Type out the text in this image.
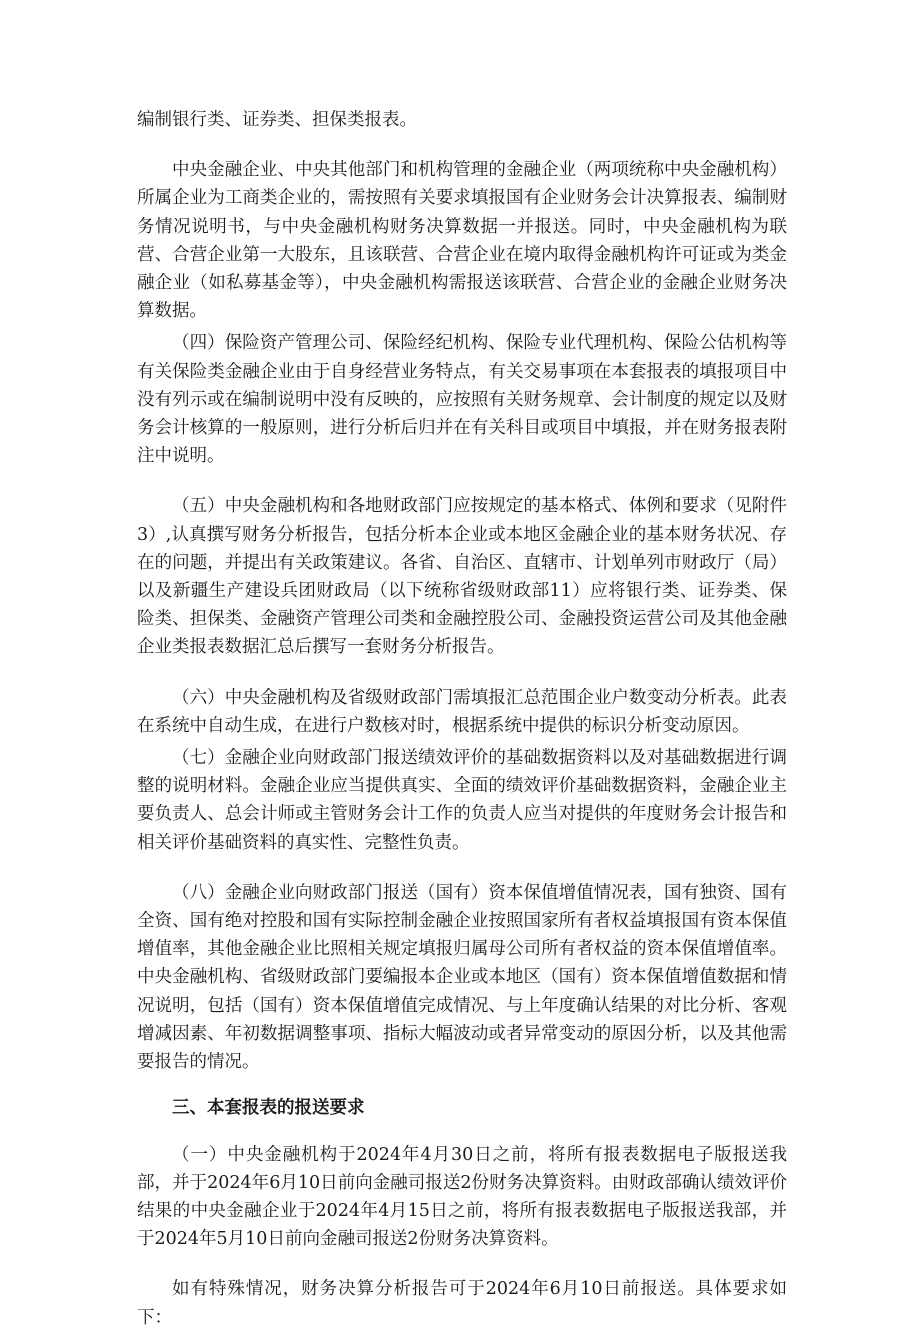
编制银行类、证券类、担保类报表。

中央金融企业、中央其他部门和机构管理的金融企业（两项统称中央金融机构）所属企业为工商类企业的，需按照有关要求填报国有企业财务会计决算报表、编制财务情况说明书，与中央金融机构财务决算数据一并报送。同时，中央金融机构为联营、合营企业第一大股东，且该联营、合营企业在境内取得金融机构许可证或为类金融企业（如私募基金等），中央金融机构需报送该联营、合营企业的金融企业财务决算数据。

（四）保险资产管理公司、保险经纪机构、保险专业代理机构、保险公估机构等有关保险类金融企业由于自身经营业务特点，有关交易事项在本套报表的填报项目中没有列示或在编制说明中没有反映的，应按照有关财务规章、会计制度的规定以及财务会计核算的一般原则，进行分析后归并在有关科目或项目中填报，并在财务报表附注中说明。

（五）中央金融机构和各地财政部门应按规定的基本格式、体例和要求（见附件3）,认真撰写财务分析报告，包括分析本企业或本地区金融企业的基本财务状况、存在的问题，并提出有关政策建议。各省、自治区、直辖市、计划单列市财政厅（局）以及新疆生产建设兵团财政局（以下统称省级财政部11）应将银行类、证券类、保险类、担保类、金融资产管理公司类和金融控股公司、金融投资运营公司及其他金融企业类报表数据汇总后撰写一套财务分析报告。

（六）中央金融机构及省级财政部门需填报汇总范围企业户数变动分析表。此表在系统中自动生成，在进行户数核对时，根据系统中提供的标识分析变动原因。

（七）金融企业向财政部门报送绩效评价的基础数据资料以及对基础数据进行调整的说明材料。金融企业应当提供真实、全面的绩效评价基础数据资料，金融企业主要负责人、总会计师或主管财务会计工作的负责人应当对提供的年度财务会计报告和相关评价基础资料的真实性、完整性负责。

（八）金融企业向财政部门报送（国有）资本保值增值情况表，国有独资、国有全资、国有绝对控股和国有实际控制金融企业按照国家所有者权益填报国有资本保值增值率，其他金融企业比照相关规定填报归属母公司所有者权益的资本保值增值率。中央金融机构、省级财政部门要编报本企业或本地区（国有）资本保值增值数据和情况说明，包括（国有）资本保值增值完成情况、与上年度确认结果的对比分析、客观增减因素、年初数据调整事项、指标大幅波动或者异常变动的原因分析，以及其他需要报告的情况。

三、本套报表的报送要求

（一）中央金融机构于2024年4月30日之前，将所有报表数据电子版报送我部，并于2024年6月10日前向金融司报送2份财务决算资料。由财政部确认绩效评价结果的中央金融企业于2024年4月15日之前，将所有报表数据电子版报送我部，并于2024年5月10日前向金融司报送2份财务决算资料。

如有特殊情况，财务决算分析报告可于2024年6月10日前报送。具体要求如下：
